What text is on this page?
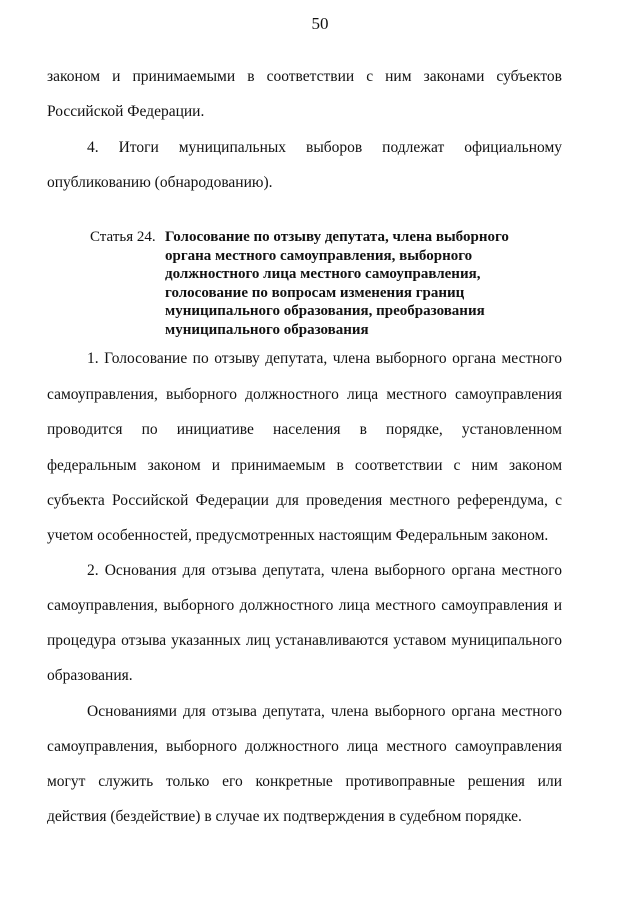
50

законом и принимаемыми в соответствии с ним законами субъектов

Российской Федерации.

4. Итоги муниципальных выборов подлежат официальному

опубликованию (обнародованию).

Статья 24. Голосование по отзыву депутата, члена выборного
органа местного самоуправления, выборного
должностного лица местного самоуправления,
голосование по вопросам изменения границ
муниципального образования, преобразования
муниципального образования

1. Голосование по отзыву депутата, члена выборного органа местного

самоуправления, выборного должностного лица местного самоуправления

проводится по инициативе населения в порядке, установленном

федеральным законом и принимаемым в соответствии с ним законом

субъекта Российской Федерации для проведения местного референдума, с

учетом особенностей, предусмотренных настоящим Федеральным законом.

2. Основания для отзыва депутата, члена выборного органа местного

самоуправления, выборного должностного лица местного самоуправления и

процедура отзыва указанных лиц устанавливаются уставом муниципального

образования.

Основаниями для отзыва депутата, члена выборного органа местного

самоуправления, выборного должностного лица местного самоуправления

могут служить только его конкретные противоправные решения или

действия (бездействие) в случае их подтверждения в судебном порядке.
